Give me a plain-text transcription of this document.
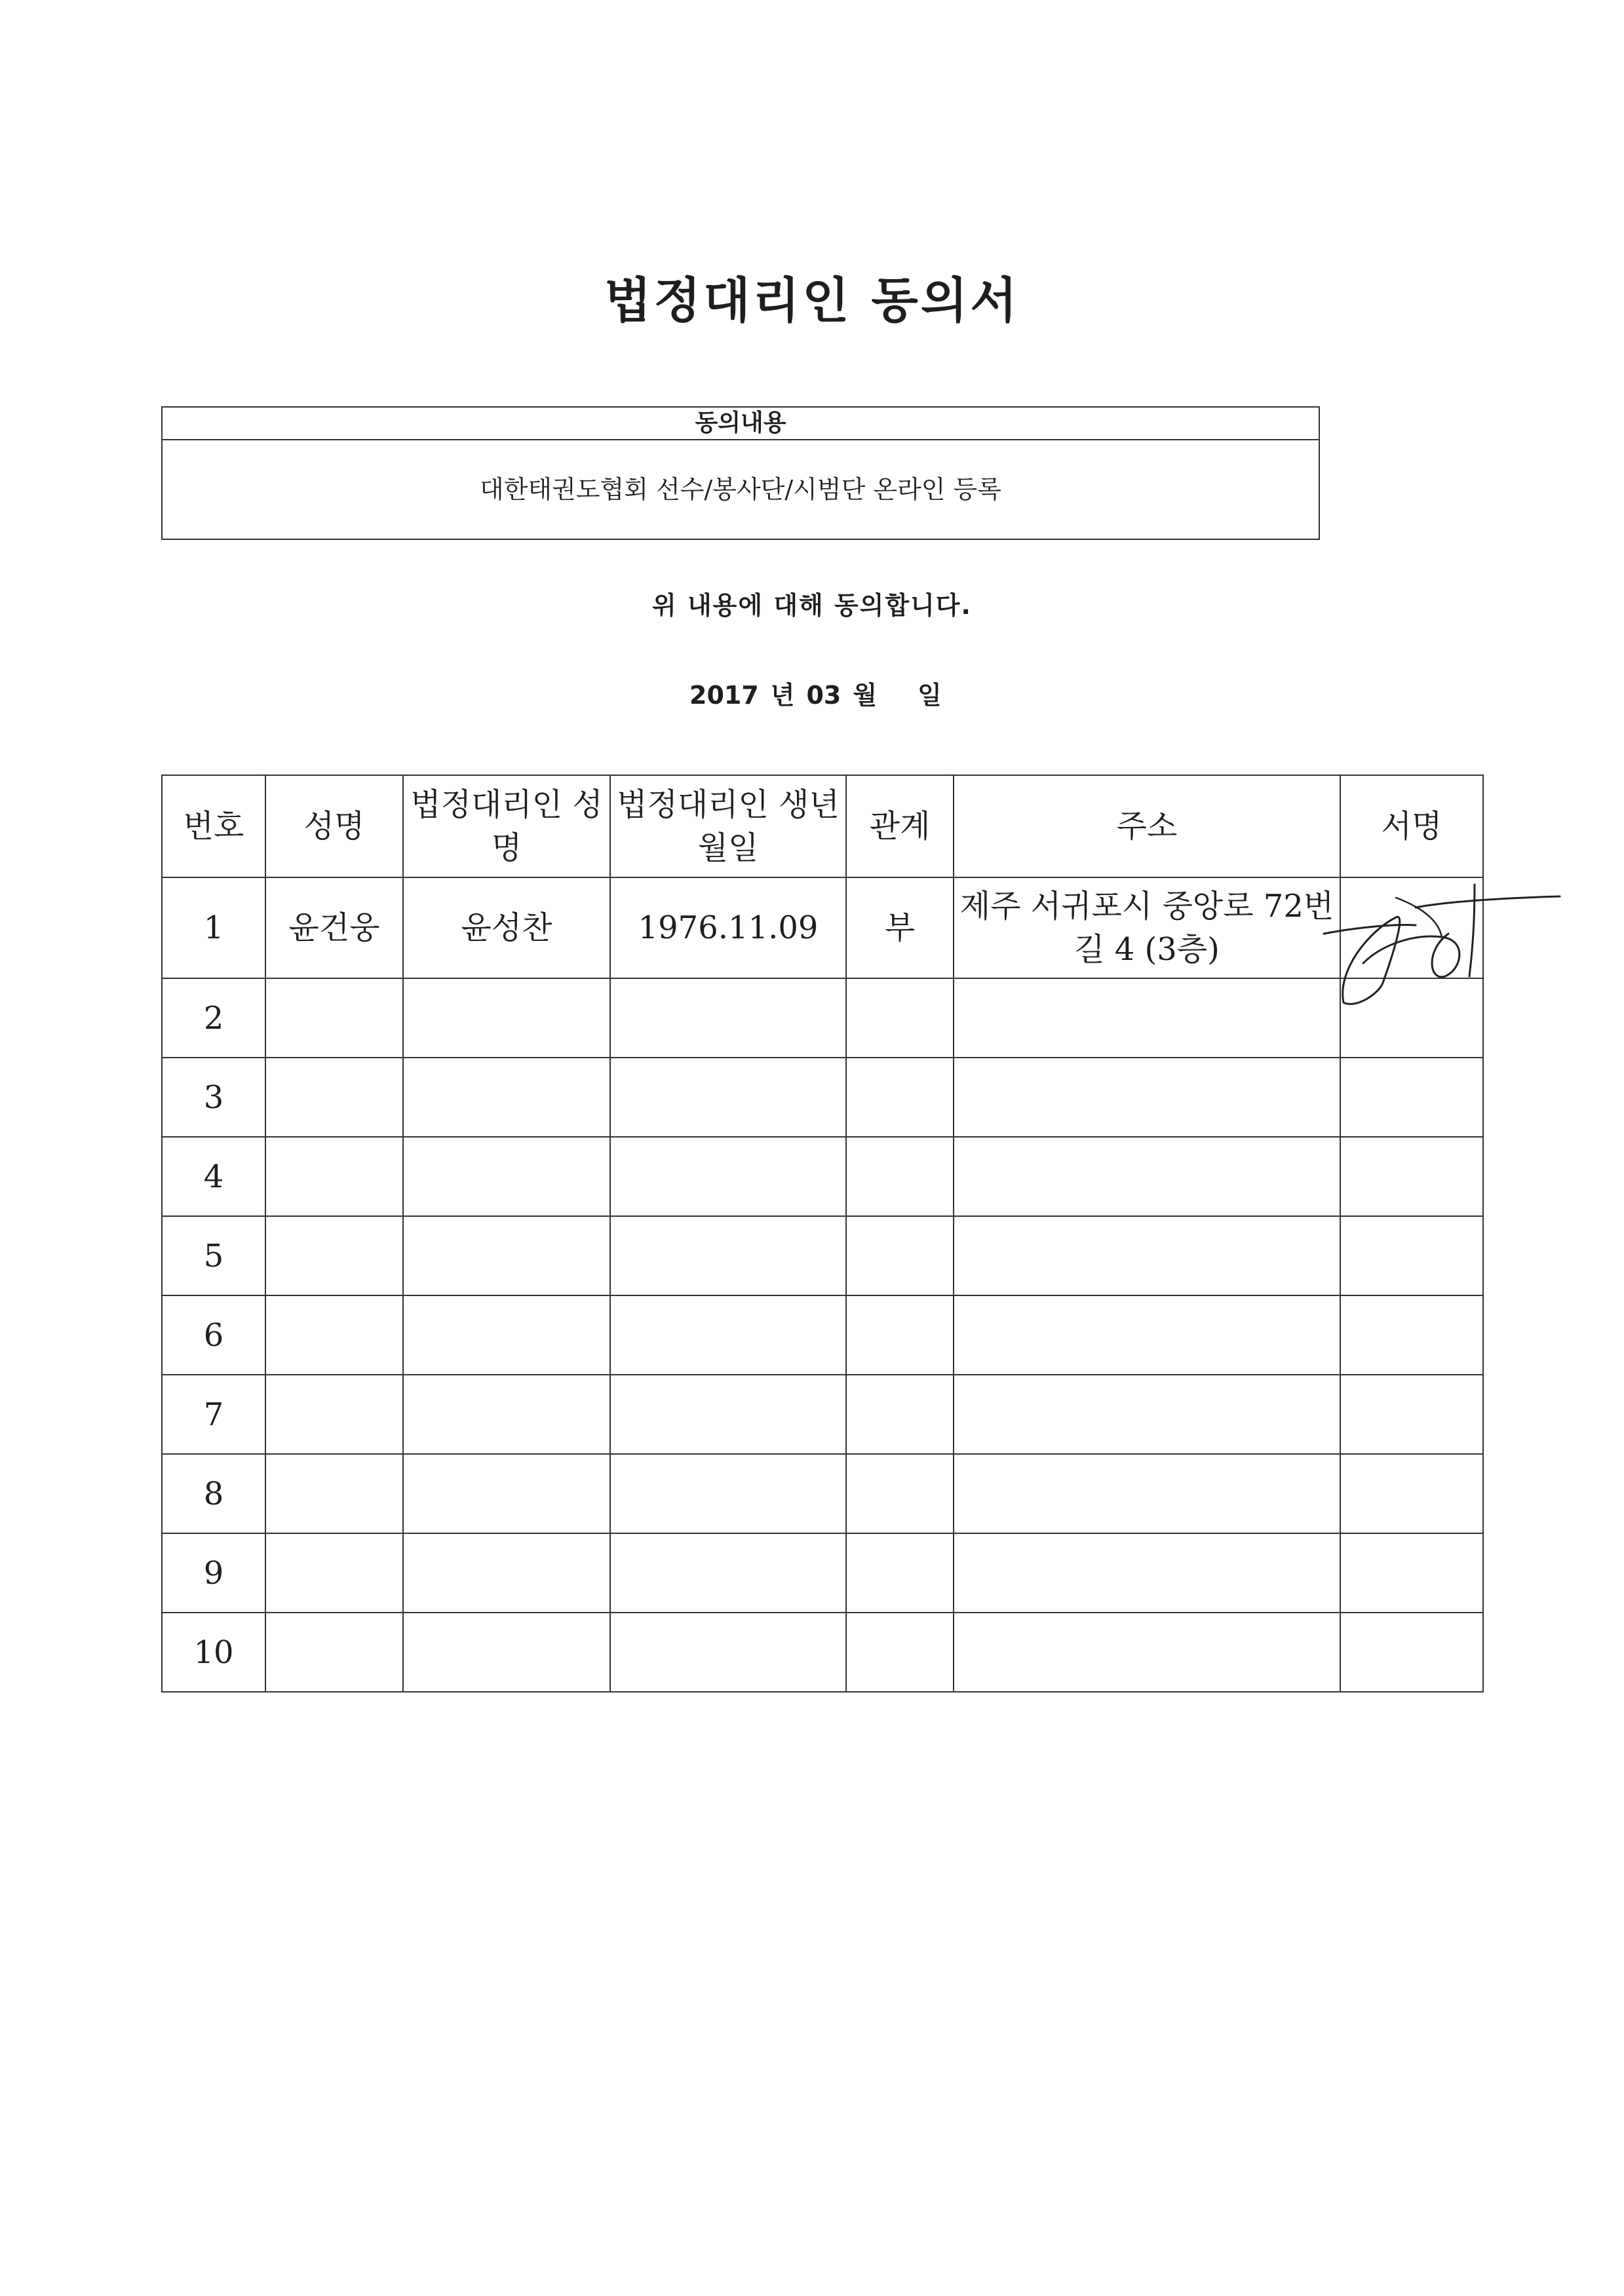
법정대리인 동의서
동의내용
대한태권도협회 선수/봉사단/시범단 온라인 등록
위 내용에 대해 동의합니다.
2017 년 03 월 일
번호	성명	법정대리인 성명	법정대리인 생년월일	관계	주소	서명
1	윤건웅	윤성찬	1976.11.09	부	제주 서귀포시 중앙로 72번길 4 (3층)	
2						
3						
4						
5						
6						
7						
8						
9						
10						
